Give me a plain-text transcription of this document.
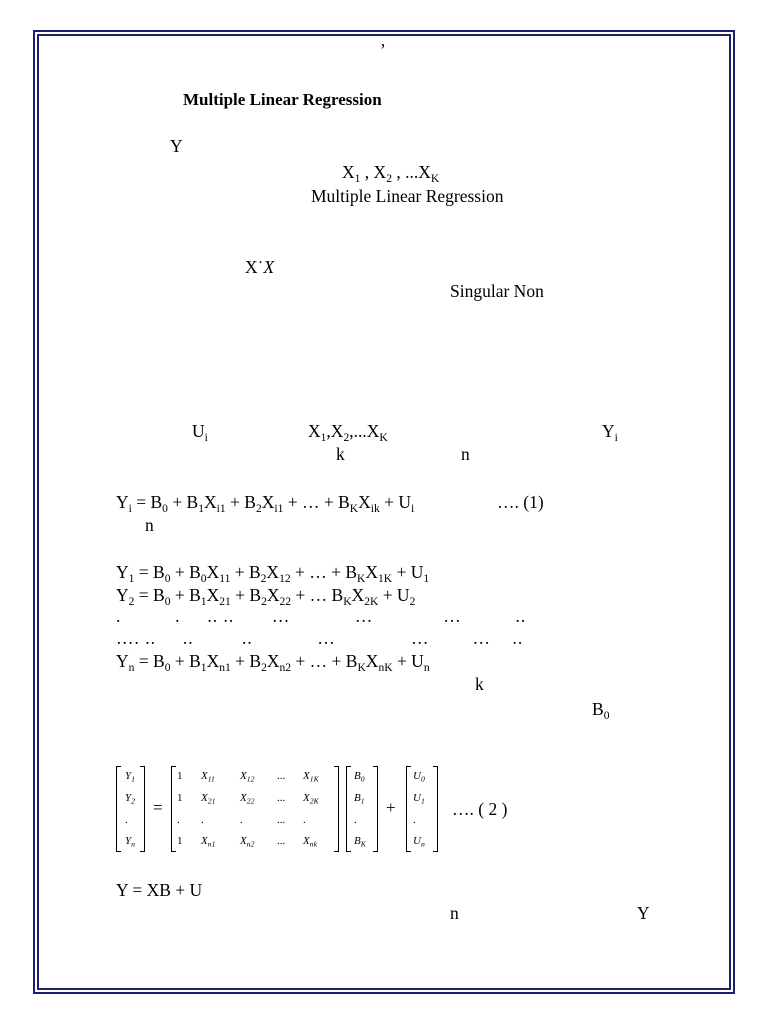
ʼ
Multiple Linear Regression
Y
$X_1$ , $X_2$ , $...X_K$
Multiple Linear Regression
X˙X
Singular Non
$U_i$	$X_1,X_2,...X_K$	$Y_i$
k	n
$Y_i = B_0 + B_1X_{i1} + B_2X_{i1}$ + … + $B_KX_{ik} + U_i$	…. (1)
n
$Y_1 = B_0 + B_0X_{11} + B_2X_{12}$ + … + $B_KX_{1K} + U_1$
$Y_2 = B_0 + B_1X_{21} + B_2X_{22}$ + … $B_KX_{2K} + U_2$
.          .     .. ..       …            …             …          ..
…. ..     ..         ..            …              …        …    ..
$Y_n = B_0 + B_1X_{n1} + B_2X_{n2}$ + … + $B_KX_{nK} + U_n$
k
$B_0$
$Y_1$
$Y_2$
.
$Y_n$
1 $X_{11}$ $X_{12}$ ... $X_{1K}$
1 $X_{21}$ $X_{22}$ ... $X_{2K}$
. .	.	... .
1 $X_{n1}$ $X_{n2}$ ... $X_{nk}$
$B_0$
$B_1$
.
$B_K$
$U_0$
$U_1$
.
$U_n$
=	+	…. ( 2 )
Y = XB + U
n	Y
